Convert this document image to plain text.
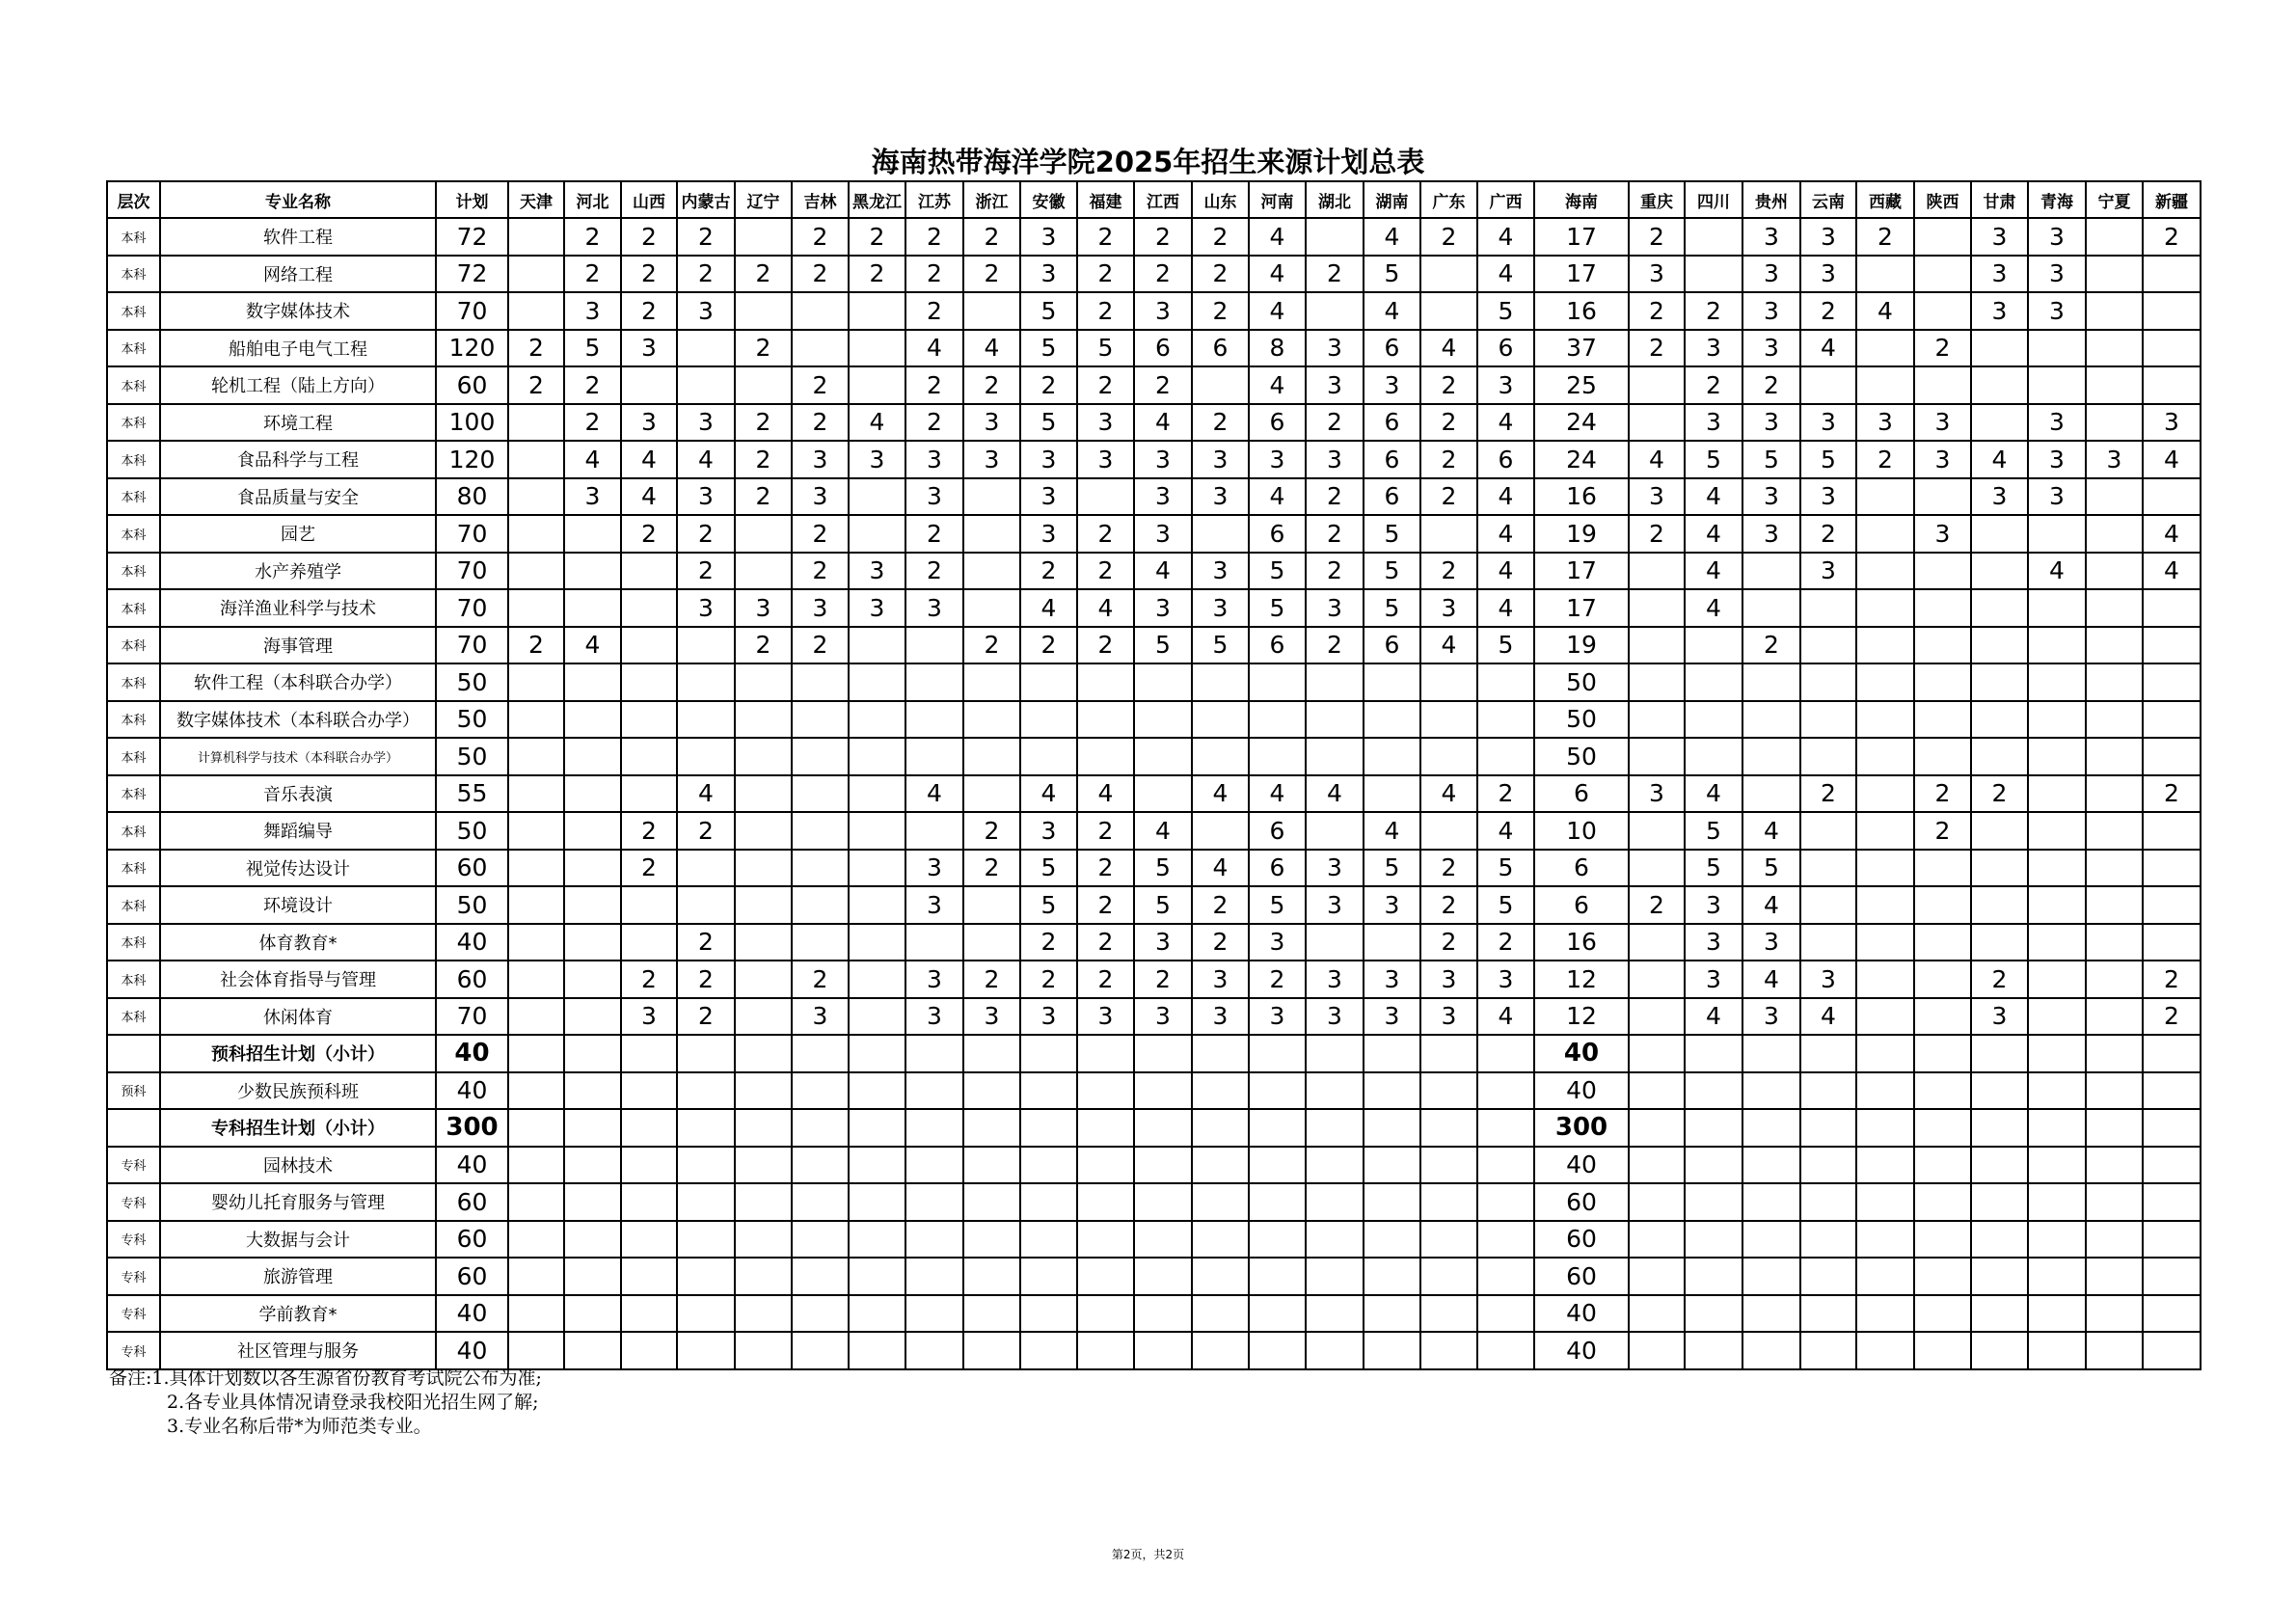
海南热带海洋学院2025年招生来源计划总表
层次	专业名称	计划	天津	河北	山西	内蒙古	辽宁	吉林	黑龙江	江苏	浙江	安徽	福建	江西	山东	河南	湖北	湖南	广东	广西	海南	重庆	四川	贵州	云南	西藏	陕西	甘肃	青海	宁夏	新疆
本科	软件工程	72		2	2	2		2	2	2	2	3	2	2	2	4		4	2	4	17	2		3	3	2		3	3		2
本科	网络工程	72		2	2	2	2	2	2	2	2	3	2	2	2	4	2	5		4	17	3		3	3			3	3		
本科	数字媒体技术	70		3	2	3				2		5	2	3	2	4		4		5	16	2	2	3	2	4		3	3		
本科	船舶电子电气工程	120	2	5	3		2			4	4	5	5	6	6	8	3	6	4	6	37	2	3	3	4		2				
本科	轮机工程（陆上方向）	60	2	2				2		2	2	2	2	2		4	3	3	2	3	25		2	2							
本科	环境工程	100		2	3	3	2	2	4	2	3	5	3	4	2	6	2	6	2	4	24		3	3	3	3	3		3		3
本科	食品科学与工程	120		4	4	4	2	3	3	3	3	3	3	3	3	3	3	6	2	6	24	4	5	5	5	2	3	4	3	3	4
本科	食品质量与安全	80		3	4	3	2	3		3		3		3	3	4	2	6	2	4	16	3	4	3	3			3	3		
本科	园艺	70			2	2		2		2		3	2	3		6	2	5		4	19	2	4	3	2		3				4
本科	水产养殖学	70				2		2	3	2		2	2	4	3	5	2	5	2	4	17		4		3				4		4
本科	海洋渔业科学与技术	70				3	3	3	3	3		4	4	3	3	5	3	5	3	4	17		4								
本科	海事管理	70	2	4			2	2			2	2	2	5	5	6	2	6	4	5	19			2							
本科	软件工程（本科联合办学）	50																			50										
本科	数字媒体技术（本科联合办学）	50																			50										
本科	计算机科学与技术（本科联合办学）	50																			50										
本科	音乐表演	55				4				4		4	4		4	4	4		4	2	6	3	4		2		2	2			2
本科	舞蹈编导	50			2	2					2	3	2	4		6		4		4	10		5	4			2				
本科	视觉传达设计	60			2					3	2	5	2	5	4	6	3	5	2	5	6		5	5							
本科	环境设计	50								3		5	2	5	2	5	3	3	2	5	6	2	3	4							
本科	体育教育*	40				2						2	2	3	2	3			2	2	16		3	3							
本科	社会体育指导与管理	60			2	2		2		3	2	2	2	2	3	2	3	3	3	3	12		3	4	3			2			2
本科	休闲体育	70			3	2		3		3	3	3	3	3	3	3	3	3	3	4	12		4	3	4			3			2
	预科招生计划（小计）	40																			40										
预科	少数民族预科班	40																			40										
	专科招生计划（小计）	300																			300										
专科	园林技术	40																			40										
专科	婴幼儿托育服务与管理	60																			60										
专科	大数据与会计	60																			60										
专科	旅游管理	60																			60										
专科	学前教育*	40																			40										
专科	社区管理与服务	40																			40										
备注:1.具体计划数以各生源省份教育考试院公布为准;
2.各专业具体情况请登录我校阳光招生网了解;
3.专业名称后带*为师范类专业。
第2页，共2页
